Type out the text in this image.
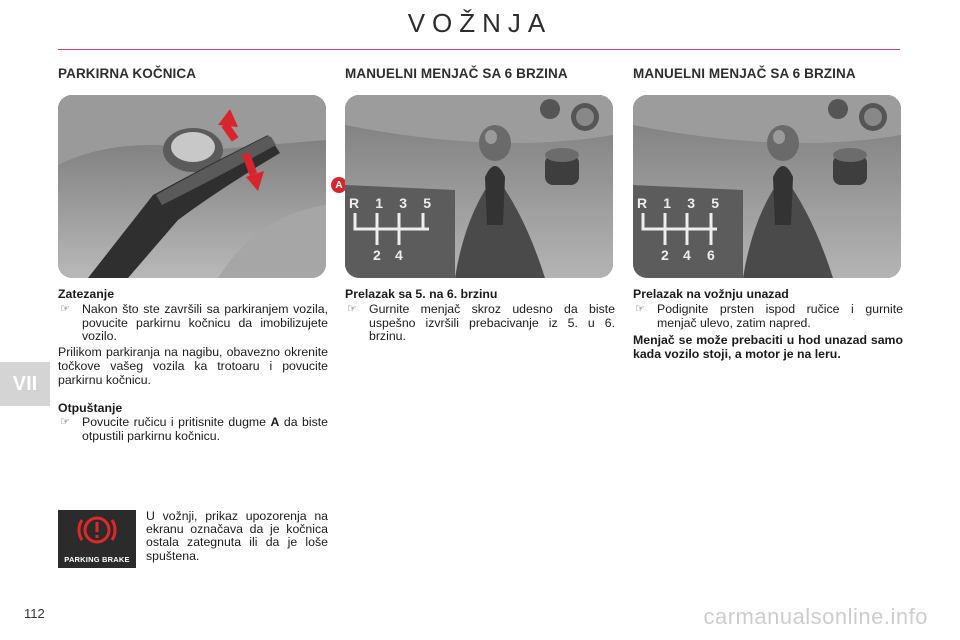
VOŽNJA
VII
PARKIRNA KOČNICA
A
Zatezanje
☞ Nakon što ste završili sa parkiranjem vozila, povucite parkirnu kočnicu da imobilizujete vozilo.
Prilikom parkiranja na nagibu, obavezno okrenite točkove vašeg vozila ka trotoaru i povucite parkirnu kočnicu.
Otpuštanje
☞ Povucite ručicu i pritisnite dugme A da biste otpustili parkirnu kočnicu.
PARKING BRAKE
U vožnji, prikaz upozorenja na ekranu označava da je kočnica ostala zategnuta ili da je loše spuštena.
MANUELNI MENJAČ SA 6 BRZINA
R 1 3 5
2 4
Prelazak sa 5. na 6. brzinu
☞ Gurnite menjač skroz udesno da biste uspešno izvršili prebacivanje iz 5. u 6. brzinu.
MANUELNI MENJAČ SA 6 BRZINA
R 1 3 5
2 4 6
Prelazak na vožnju unazad
☞ Podignite prsten ispod ručice i gurnite menjač ulevo, zatim napred.
Menjač se može prebaciti u hod unazad samo kada vozilo stoji, a motor je na leru.
112	carmanualsonline.info
